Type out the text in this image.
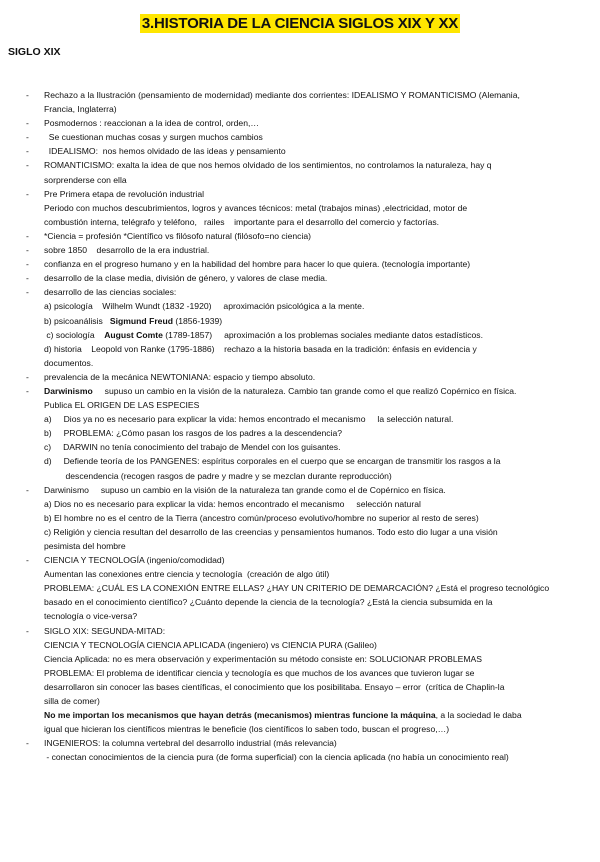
3.HISTORIA DE LA CIENCIA SIGLOS XIX Y XX
SIGLO XIX
-	Rechazo a la Ilustración (pensamiento de modernidad) mediante dos corrientes: IDEALISMO Y ROMANTICISMO (Alemania,
Francia, Inglaterra)
-	Posmodernos : reaccionan a la idea de control, orden,…
-	Se cuestionan muchas cosas y surgen muchos cambios
-	IDEALISMO:  nos hemos olvidado de las ideas y pensamiento
-	ROMANTICISMO: exalta la idea de que nos hemos olvidado de los sentimientos, no controlamos la naturaleza, hay q
sorprenderse con ella
-	Pre Primera etapa de revolución industrial
Periodo con muchos descubrimientos, logros y avances técnicos: metal (trabajos minas) ,electricidad, motor de
combustión interna, telégrafo y teléfono,   railes    importante para el desarrollo del comercio y factorías.
-	*Ciencia = profesión *Científico vs filósofo natural (filósofo=no ciencia)
-	sobre 1850    desarrollo de la era industrial.
-	confianza en el progreso humano y en la habilidad del hombre para hacer lo que quiera. (tecnología importante)
-	desarrollo de la clase media, división de género, y valores de clase media.
-	desarrollo de las ciencias sociales:
a) psicología    Wilhelm Wundt (1832 -1920)     aproximación psicológica a la mente.
b) psicoanálisis   Sigmund Freud (1856-1939)
c) sociología    August Comte (1789-1857)     aproximación a los problemas sociales mediante datos estadísticos.
d) historia    Leopold von Ranke (1795-1886)    rechazo a la historia basada en la tradición: énfasis en evidencia y
documentos.
-	prevalencia de la mecánica NEWTONIANA: espacio y tiempo absoluto.
-	Darwinismo     supuso un cambio en la visión de la naturaleza. Cambio tan grande como el que realizó Copérnico en física.
Publica EL ORIGEN DE LAS ESPECIES
a)     Dios ya no es necesario para explicar la vida: hemos encontrado el mecanismo     la selección natural.
b)     PROBLEMA: ¿Cómo pasan los rasgos de los padres a la descendencia?
c)     DARWIN no tenía conocimiento del trabajo de Mendel con los guisantes.
d)     Defiende teoría de los PANGENES: espíritus corporales en el cuerpo que se encargan de transmitir los rasgos a la
descendencia (recogen rasgos de padre y madre y se mezclan durante reproducción)
-	Darwinismo     supuso un cambio en la visión de la naturaleza tan grande como el de Copérnico en física.
a) Dios no es necesario para explicar la vida: hemos encontrado el mecanismo     selección natural
b) El hombre no es el centro de la Tierra (ancestro común/proceso evolutivo/hombre no superior al resto de seres)
c) Religión y ciencia resultan del desarrollo de las creencias y pensamientos humanos. Todo esto dio lugar a una visión
pesimista del hombre
-	CIENCIA Y TECNOLOGÍA (ingenio/comodidad)
Aumentan las conexiones entre ciencia y tecnología  (creación de algo útil)
PROBLEMA: ¿CUÁL ES LA CONEXIÓN ENTRE ELLAS? ¿HAY UN CRITERIO DE DEMARCACIÓN? ¿Está el progreso tecnológico
basado en el conocimiento científico? ¿Cuánto depende la ciencia de la tecnología? ¿Está la ciencia subsumida en la
tecnología o vice-versa?
-	SIGLO XIX: SEGUNDA-MITAD:
CIENCIA Y TECNOLOGÍA CIENCIA APLICADA (ingeniero) vs CIENCIA PURA (Galileo)
Ciencia Aplicada: no es mera observación y experimentación su método consiste en: SOLUCIONAR PROBLEMAS
PROBLEMA: El problema de identificar ciencia y tecnología es que muchos de los avances que tuvieron lugar se
desarrollaron sin conocer las bases científicas, el conocimiento que los posibilitaba. Ensayo – error  (crítica de Chaplin-la
silla de comer)
No me importan los mecanismos que hayan detrás (mecanismos) mientras funcione la máquina, a la sociedad le daba
igual que hicieran los científicos mientras le beneficie (los científicos lo saben todo, buscan el progreso,…)
-	INGENIEROS: la columna vertebral del desarrollo industrial (más relevancia)
- conectan conocimientos de la ciencia pura (de forma superficial) con la ciencia aplicada (no había un conocimiento real)
